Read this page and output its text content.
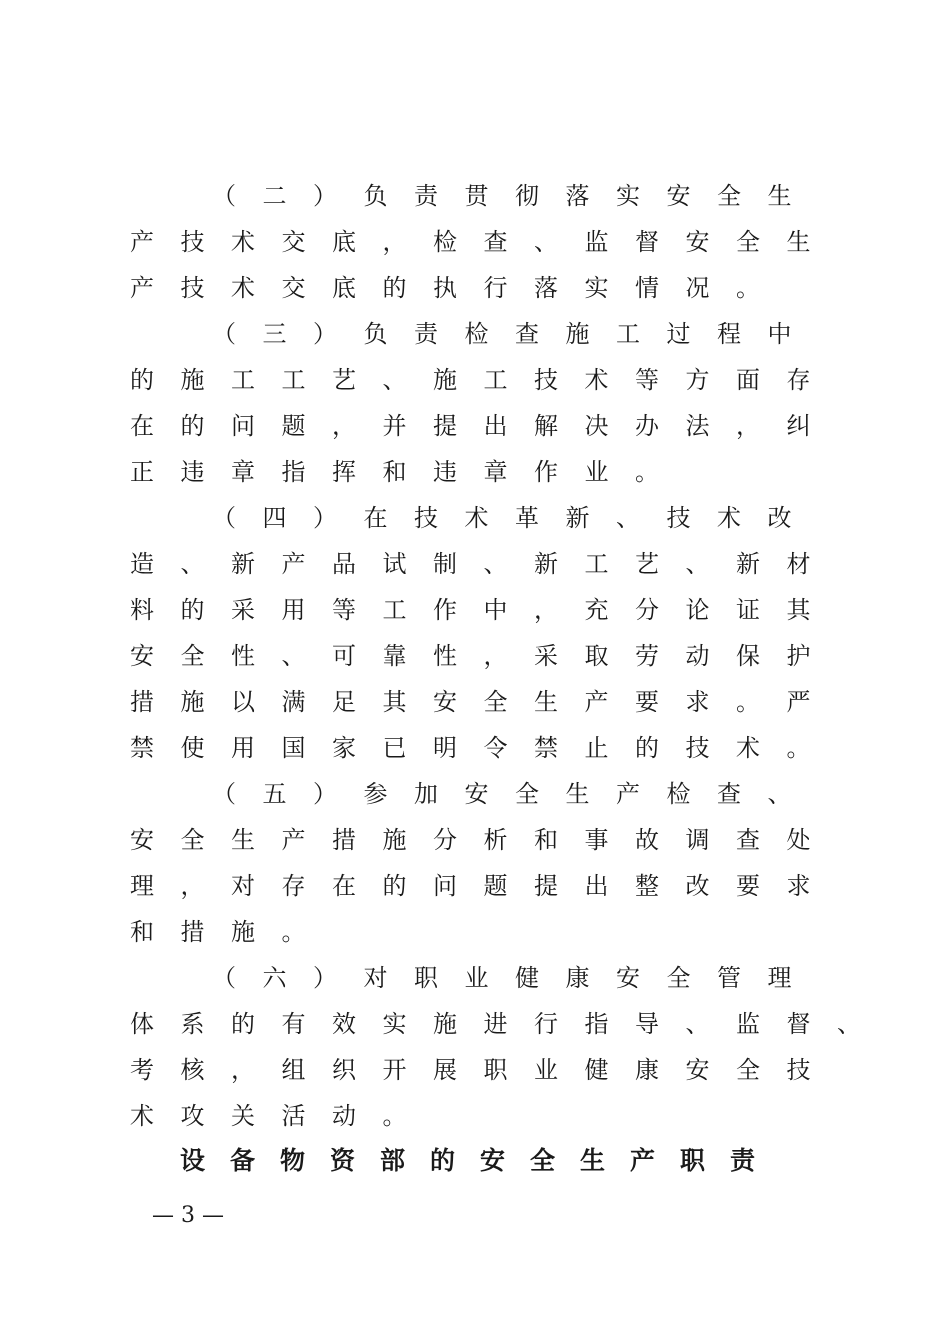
（二）负责贯彻落实安全生
产技术交底，检查、监督安全生
产技术交底的执行落实情况。
（三）负责检查施工过程中
的施工工艺、施工技术等方面存
在的问题，并提出解决办法，纠
正违章指挥和违章作业。
（四）在技术革新、技术改
造、新产品试制、新工艺、新材
料的采用等工作中，充分论证其
安全性、可靠性，采取劳动保护
措施以满足其安全生产要求。严
禁使用国家已明令禁止的技术。
（五）参加安全生产检查、
安全生产措施分析和事故调查处
理，对存在的问题提出整改要求
和措施。
（六）对职业健康安全管理
体系的有效实施进行指导、监督、
考核，组织开展职业健康安全技
术攻关活动。
设备物资部的安全生产职责
— 3 —
